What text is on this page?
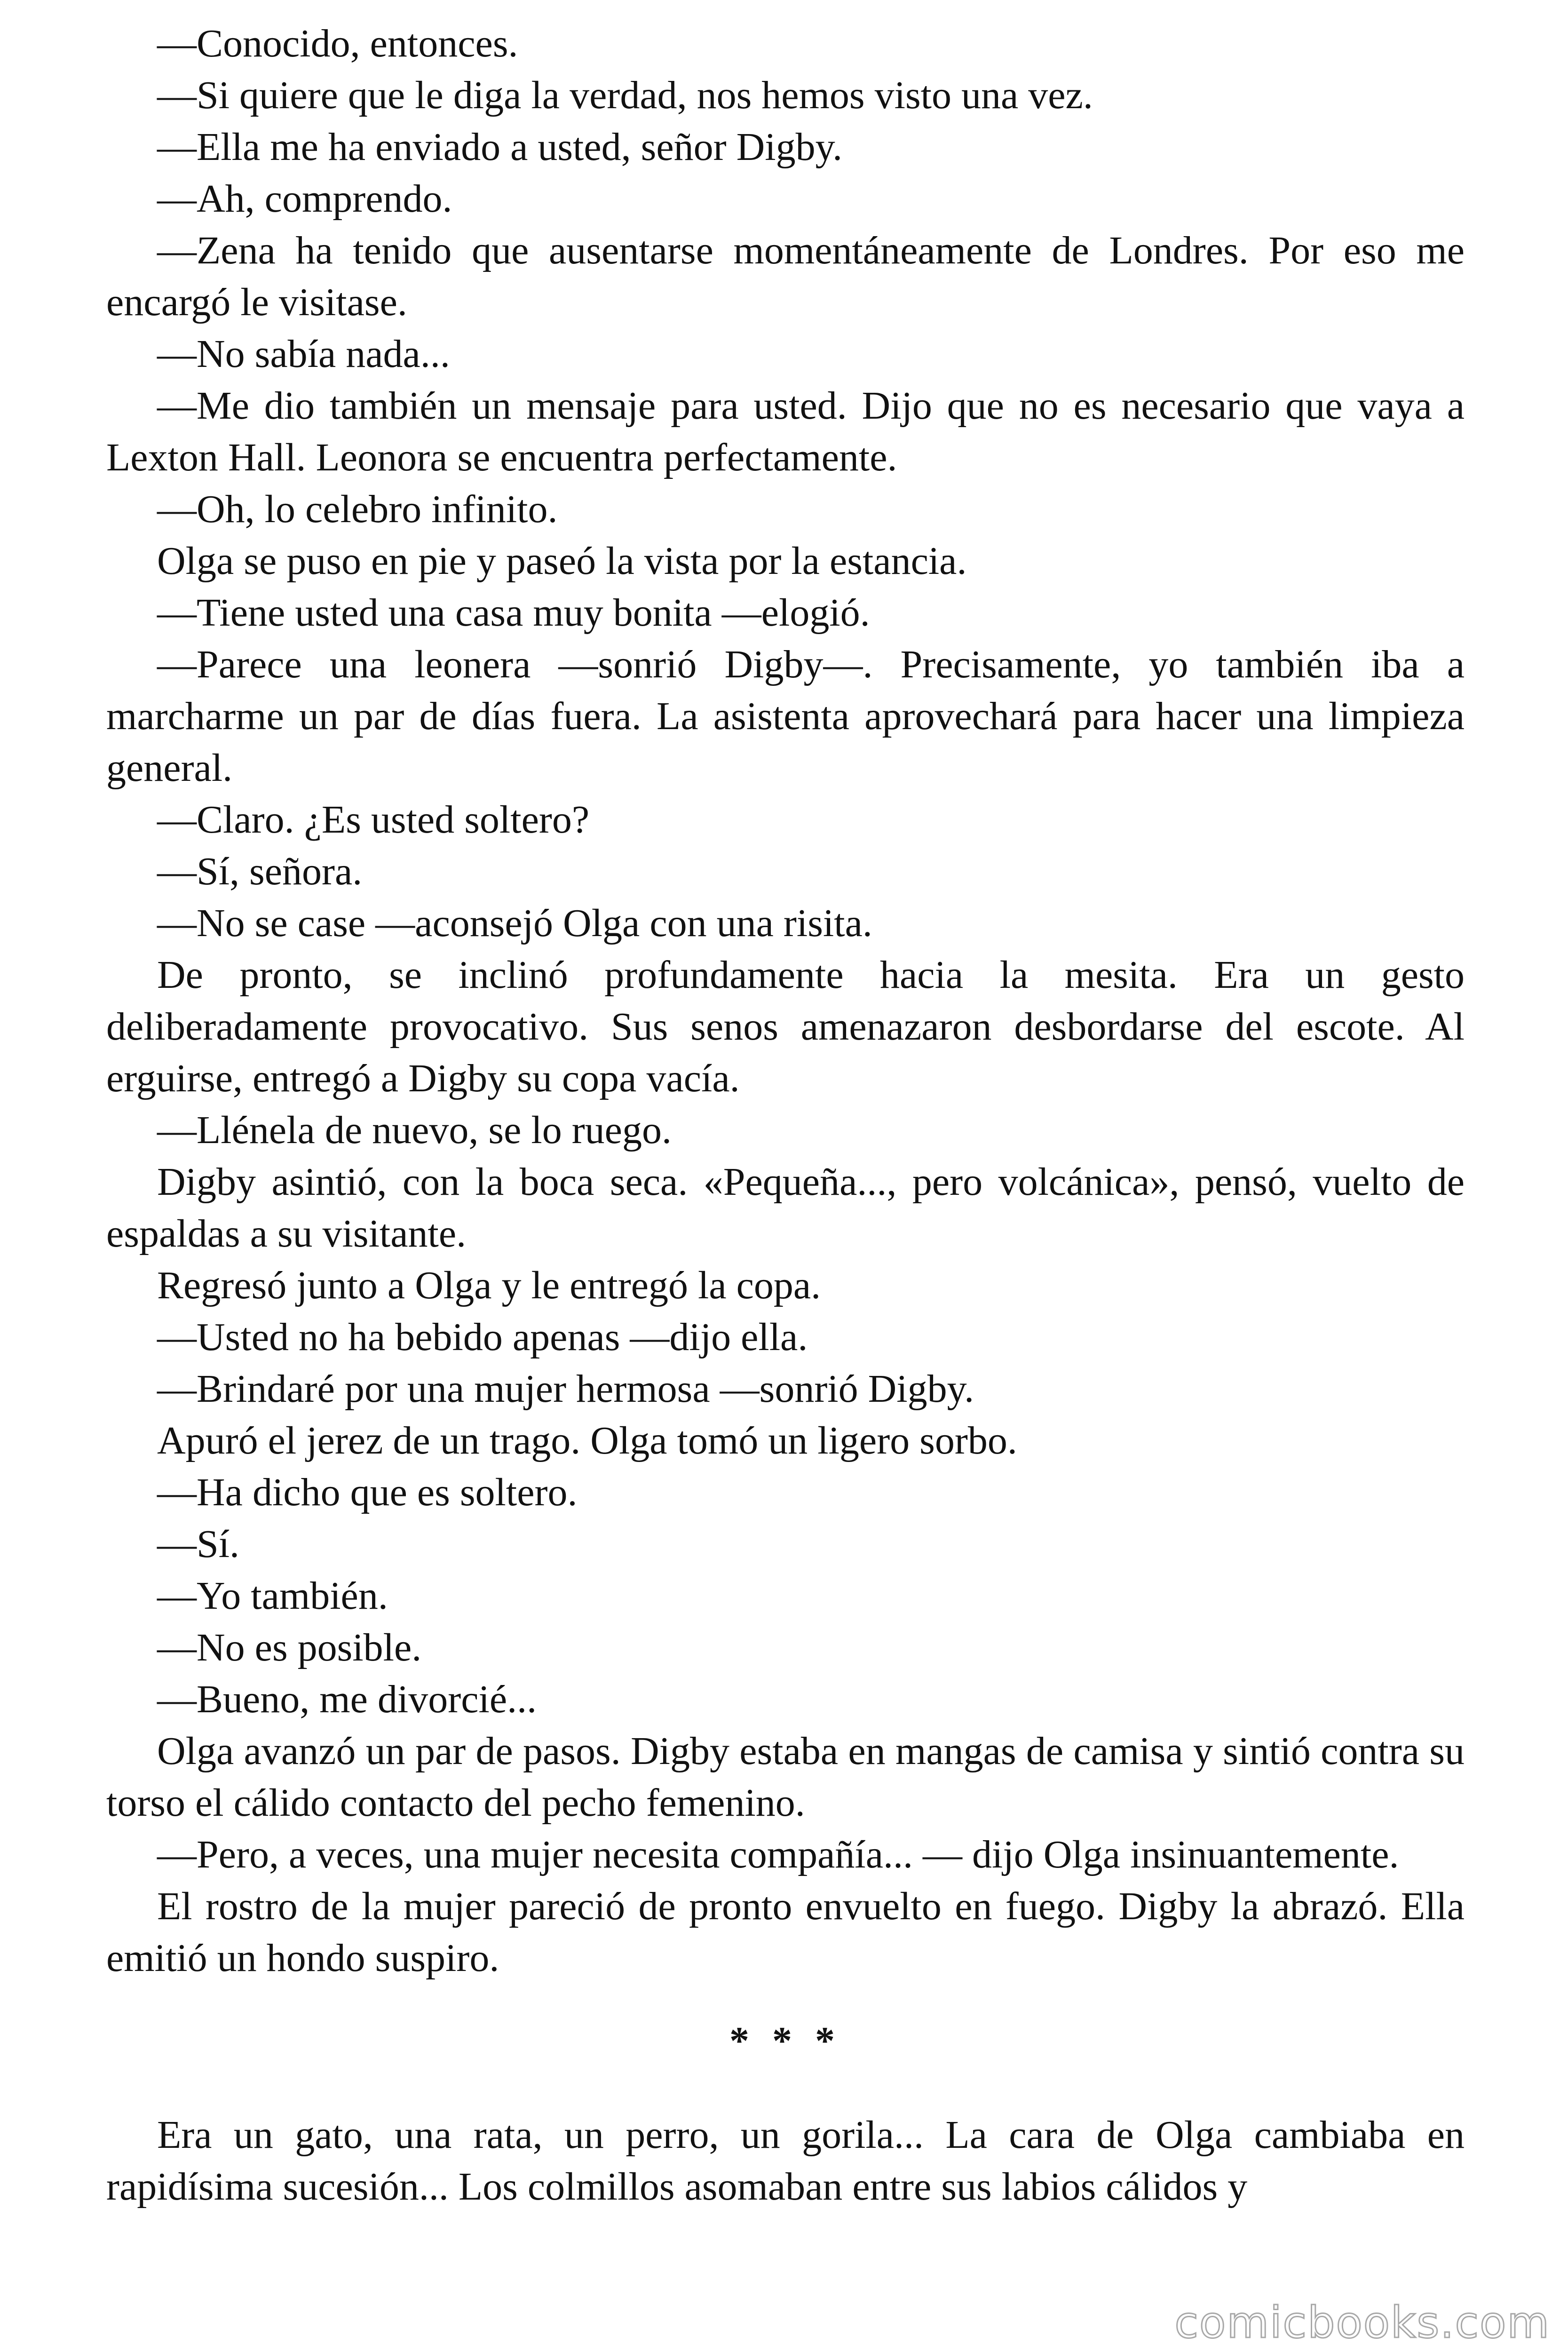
—Conocido, entonces.

—Si quiere que le diga la verdad, nos hemos visto una vez.

—Ella me ha enviado a usted, señor Digby.

—Ah, comprendo.

—Zena ha tenido que ausentarse momentáneamente de Londres. Por eso me encargó le visitase.

—No sabía nada...

—Me dio también un mensaje para usted. Dijo que no es necesario que vaya a Lexton Hall. Leonora se encuentra perfectamente.

—Oh, lo celebro infinito.

Olga se puso en pie y paseó la vista por la estancia.

—Tiene usted una casa muy bonita —elogió.

—Parece una leonera —sonrió Digby—. Precisamente, yo también iba a marcharme un par de días fuera. La asistenta aprovechará para hacer una limpieza general.

—Claro. ¿Es usted soltero?

—Sí, señora.

—No se case —aconsejó Olga con una risita.

De pronto, se inclinó profundamente hacia la mesita. Era un gesto deliberadamente provocativo. Sus senos amenazaron desbordarse del escote. Al erguirse, entregó a Digby su copa vacía.

—Llénela de nuevo, se lo ruego.

Digby asintió, con la boca seca. «Pequeña..., pero volcánica», pensó, vuelto de espaldas a su visitante.

Regresó junto a Olga y le entregó la copa.

—Usted no ha bebido apenas —dijo ella.

—Brindaré por una mujer hermosa —sonrió Digby.

Apuró el jerez de un trago. Olga tomó un ligero sorbo.

—Ha dicho que es soltero.

—Sí.

—Yo también.

—No es posible.

—Bueno, me divorcié...

Olga avanzó un par de pasos. Digby estaba en mangas de camisa y sintió contra su torso el cálido contacto del pecho femenino.

—Pero, a veces, una mujer necesita compañía... — dijo Olga insinuantemente.

El rostro de la mujer pareció de pronto envuelto en fuego. Digby la abrazó. Ella emitió un hondo suspiro.

* * *

Era un gato, una rata, un perro, un gorila... La cara de Olga cambiaba en rapidísima sucesión... Los colmillos asomaban entre sus labios cálidos y

comicbooks.com
